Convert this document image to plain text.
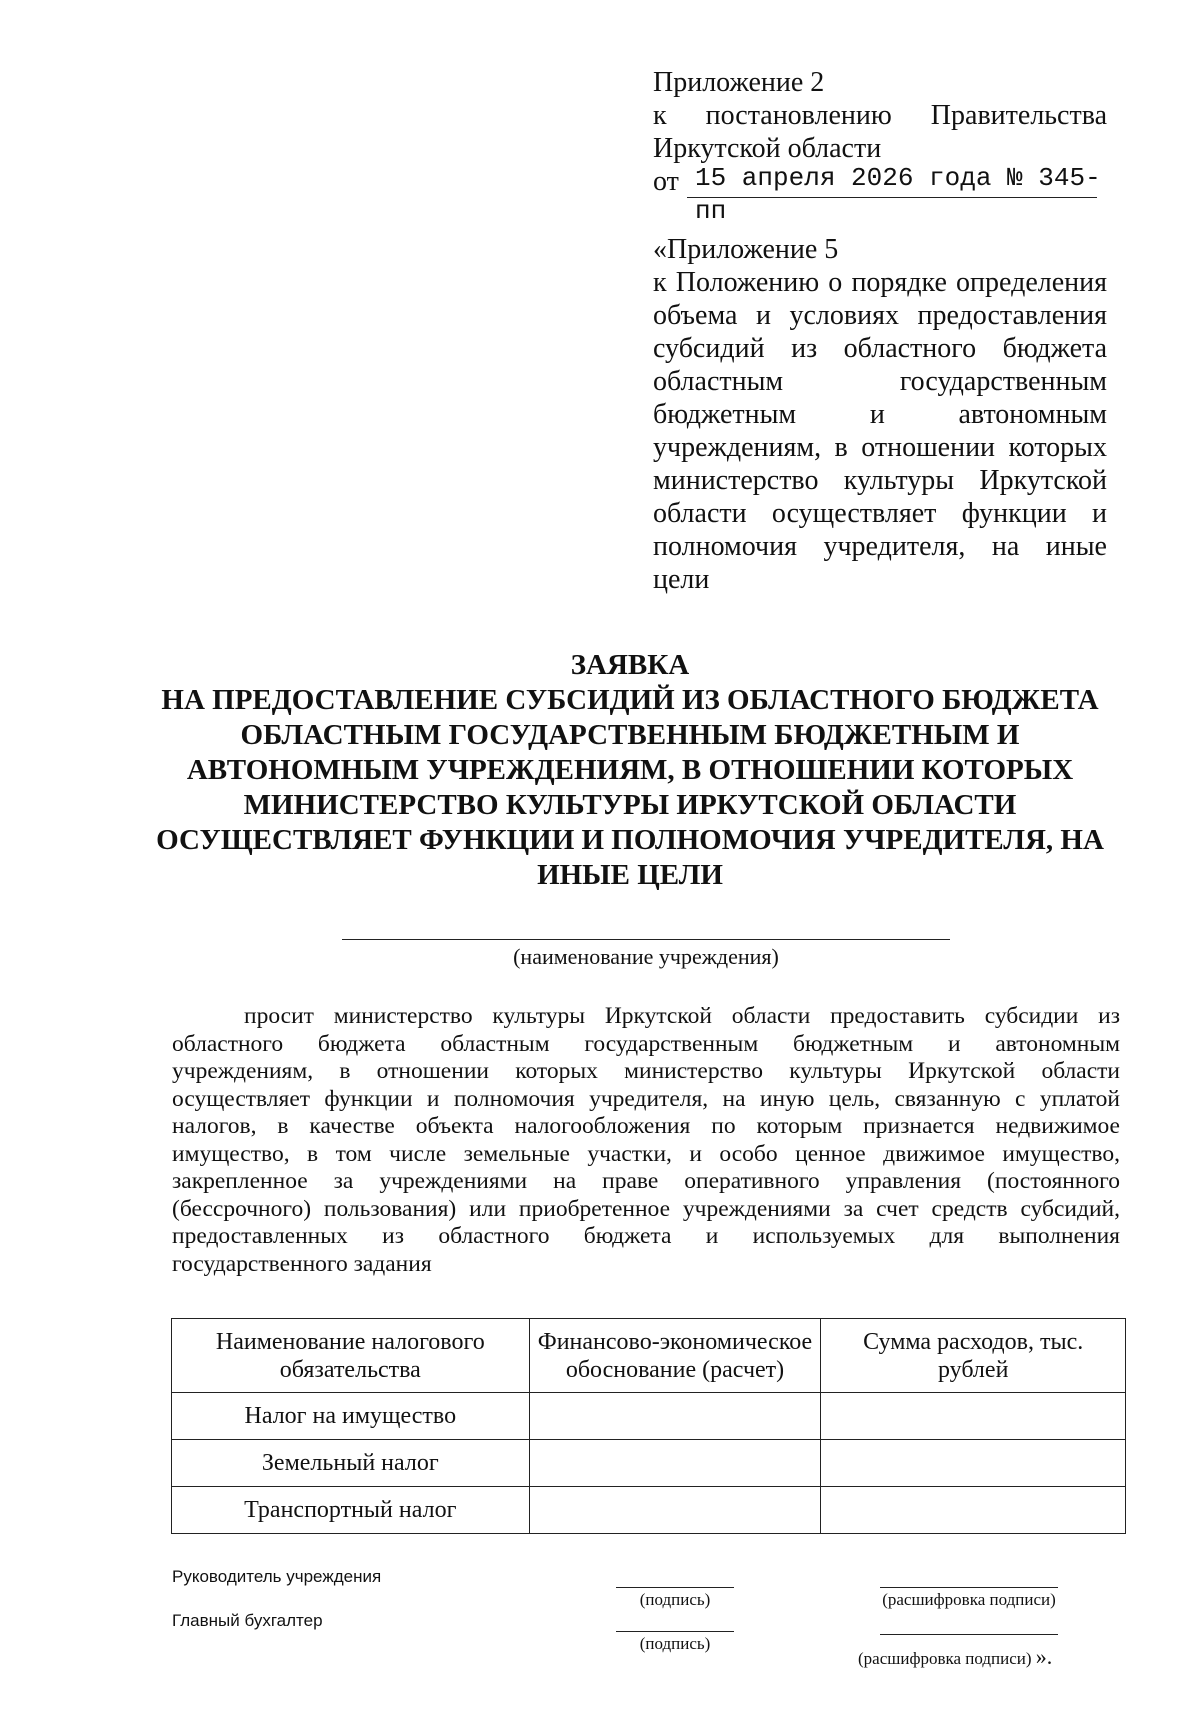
Приложение 2
к постановлению Правительства
Иркутской области
от 15 апреля 2026 года № 345-пп
«Приложение 5
к Положению о порядке определения
объема и условиях предоставления
субсидий из областного бюджета
областным государственным
бюджетным и автономным
учреждениям, в отношении которых
министерство культуры Иркутской
области осуществляет функции и
полномочия учредителя, на иные
цели
ЗАЯВКА
НА ПРЕДОСТАВЛЕНИЕ СУБСИДИЙ ИЗ ОБЛАСТНОГО БЮДЖЕТА
ОБЛАСТНЫМ ГОСУДАРСТВЕННЫМ БЮДЖЕТНЫМ И
АВТОНОМНЫМ УЧРЕЖДЕНИЯМ, В ОТНОШЕНИИ КОТОРЫХ
МИНИСТЕРСТВО КУЛЬТУРЫ ИРКУТСКОЙ ОБЛАСТИ
ОСУЩЕСТВЛЯЕТ ФУНКЦИИ И ПОЛНОМОЧИЯ УЧРЕДИТЕЛЯ, НА
ИНЫЕ ЦЕЛИ
(наименование учреждения)
просит министерство культуры Иркутской области предоставить субсидии из
областного бюджета областным государственным бюджетным и автономным
учреждениям, в отношении которых министерство культуры Иркутской области
осуществляет функции и полномочия учредителя, на иную цель, связанную с уплатой
налогов, в качестве объекта налогообложения по которым признается недвижимое
имущество, в том числе земельные участки, и особо ценное движимое имущество,
закрепленное за учреждениями на праве оперативного управления (постоянного
(бессрочного) пользования) или приобретенное учреждениями за счет средств субсидий,
предоставленных из областного бюджета и используемых для выполнения
государственного задания
Наименование налогового обязательства	Финансово-экономическое обоснование (расчет)	Сумма расходов, тыс. рублей
Налог на имущество		
Земельный налог		
Транспортный налог		
Руководитель учреждения
Главный бухгалтер
(подпись)	(расшифровка подписи)
(подпись)
(расшифровка подписи) ».
